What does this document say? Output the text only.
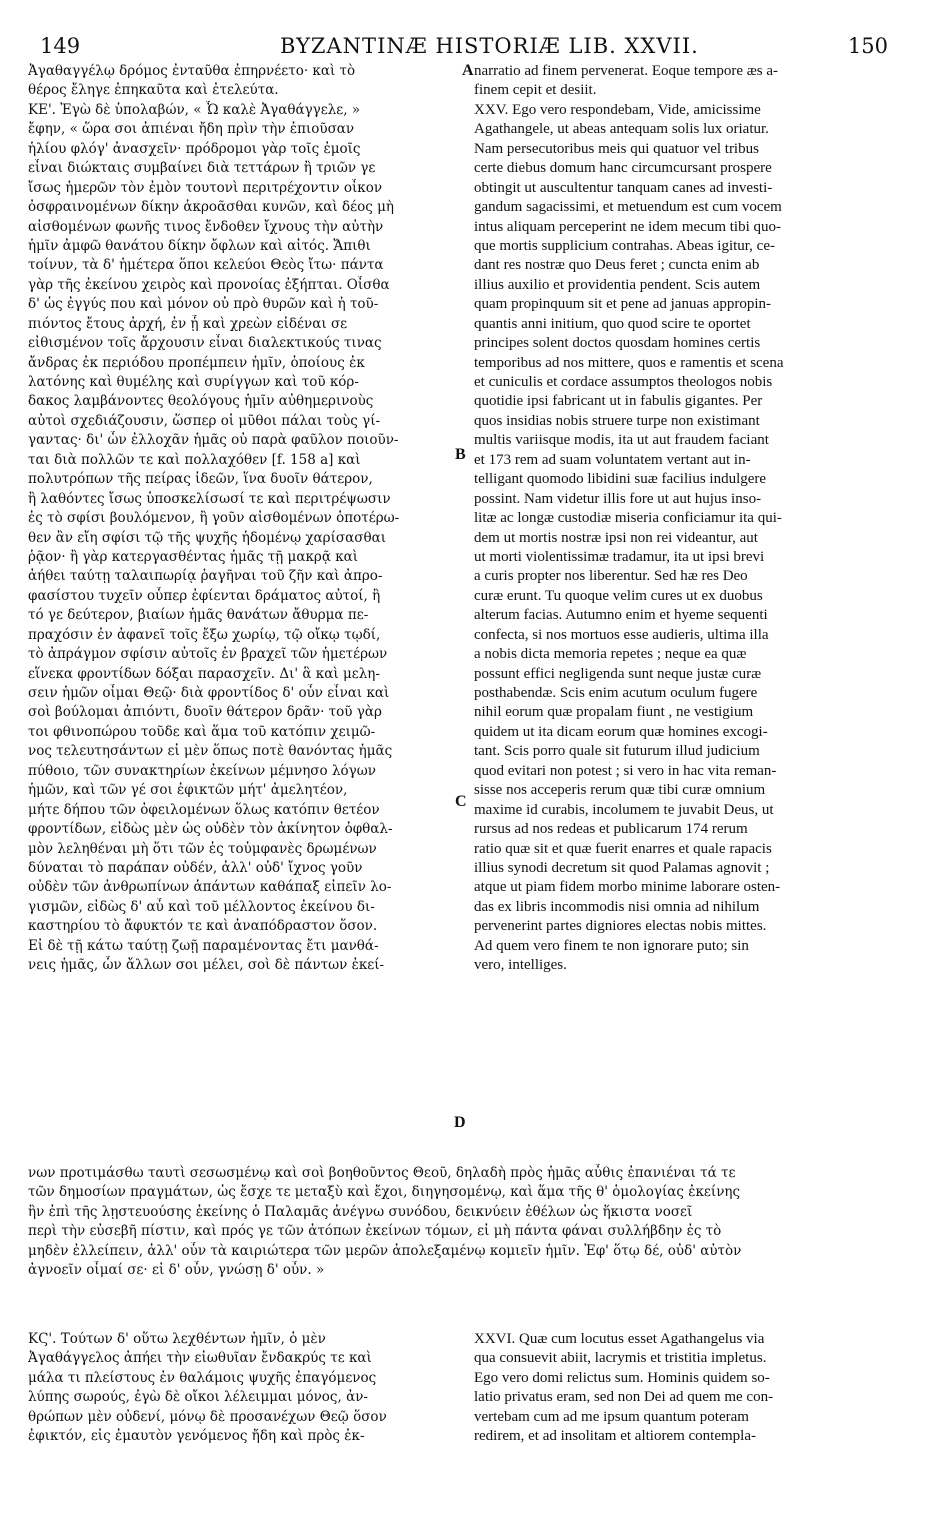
149	BYZANTINÆ HISTORIÆ LIB. XXVII.	150
A
B
C
D
Ἀγαθαγγέλῳ δρόμος ἐνταῦθα ἐπηρνέετο· καὶ τὸ
θέρος ἔληγε ἐπηκαῦτα καὶ ἐτελεύτα.
ΚΕ'. Ἐγὼ δὲ ὑπολαβών, « Ὦ καλὲ Ἀγαθάγγελε, »
ἔφην, « ὥρα σοι ἀπιέναι ἤδη πρὶν τὴν ἐπιοῦσαν
ἡλίου φλόγ' ἀνασχεῖν· πρόδρομοι γὰρ τοῖς ἐμοῖς
εἶναι διώκταις συμβαίνει διὰ τεττάρων ἢ τριῶν γε
ἴσως ἡμερῶν τὸν ἐμὸν τουτονὶ περιτρέχοντιν οἶκον
ὀσφραινομένων δίκην ἀκροᾶσθαι κυνῶν, καὶ δέος μὴ
αἰσθομένων φωνῆς τινος ἔνδοθεν ἴχνους τὴν αὐτὴν
ἡμῖν ἀμφῶ θανάτου δίκην ὄφλων καὶ αἰτός. Ἄπιθι
τοίνυν, τὰ δ' ἡμέτερα ὅποι κελεύοι Θεὸς ἴτω· πάντα
γὰρ τῆς ἐκείνου χειρὸς καὶ προνοίας ἐξήπται. Οἶσθα
δ' ὡς ἐγγύς που καὶ μόνον οὐ πρὸ θυρῶν καὶ ἡ τοῦ-
πιόντος ἔτους ἀρχή, ἐν ᾗ καὶ χρεὼν εἰδέναι σε
εἰθισμένον τοῖς ἄρχουσιν εἶναι διαλεκτικούς τινας
ἄνδρας ἐκ περιόδου προπέμπειν ἡμῖν, ὁποίους ἐκ
λατόνης καὶ θυμέλης καὶ συρίγγων καὶ τοῦ κόρ-
δακος λαμβάνοντες θεολόγους ἡμῖν αὐθημερινοὺς
αὐτοὶ σχεδιάζουσιν, ὥσπερ οἱ μῦθοι πάλαι τοὺς γί-
γαντας· δι' ὧν ἐλλοχᾶν ἡμᾶς οὐ παρὰ φαῦλον ποιοῦν-
ται διὰ πολλῶν τε καὶ πολλαχόθεν [f. 158 a] καὶ
πολυτρόπων τῆς πείρας ἰδεῶν, ἵνα δυοῖν θάτερον,
ἢ λαθόντες ἴσως ὑποσκελίσωσί τε καὶ περιτρέψωσιν
ἐς τὸ σφίσι βουλόμενον, ἢ γοῦν αἰσθομένων ὁποτέρω-
θεν ἂν εἴη σφίσι τῷ τῆς ψυχῆς ἡδομένῳ χαρίσασθαι
ῥᾷον· ἢ γὰρ κατεργασθέντας ἡμᾶς τῇ μακρᾷ καὶ
ἀήθει ταύτῃ ταλαιπωρίᾳ ῥαγῆναι τοῦ ζῆν καὶ ἀπρο-
φασίστου τυχεῖν οὗπερ ἐφίενται δράματος αὐτοί, ἢ
τό γε δεύτερον, βιαίων ἡμᾶς θανάτων ἄθυρμα πε-
πραχόσιν ἐν ἀφανεῖ τοῖς ἔξω χωρίῳ, τῷ οἴκῳ τῳδί,
τὸ ἀπράγμον σφίσιν αὐτοῖς ἐν βραχεῖ τῶν ἡμετέρων
εἵνεκα φροντίδων δόξαι παρασχεῖν. Δι' ἃ καὶ μελη-
σειν ἡμῶν οἶμαι Θεῷ· διὰ φροντίδος δ' οὖν εἶναι καὶ
σοὶ βούλομαι ἀπιόντι, δυοῖν θάτερον δρᾶν· τοῦ γὰρ
τοι φθινοπώρου τοῦδε καὶ ἅμα τοῦ κατόπιν χειμῶ-
νος τελευτησάντων εἰ μὲν ὅπως ποτὲ θανόντας ἡμᾶς
πύθοιο, τῶν συνακτηρίων ἐκείνων μέμνησο λόγων
ἡμῶν, καὶ τῶν γέ σοι ἐφικτῶν μήτ' ἀμελητέον,
μήτε δήπου τῶν ὀφειλομένων ὅλως κατόπιν θετέον
φροντίδων, εἰδὼς μὲν ὡς οὐδὲν τὸν ἀκίνητον ὀφθαλ-
μὸν λεληθέναι μὴ ὅτι τῶν ἐς τοὐμφανὲς δρωμένων
δύναται τὸ παράπαν οὐδέν, ἀλλ' οὐδ' ἴχνος γοῦν
οὐδὲν τῶν ἀνθρωπίνων ἁπάντων καθάπαξ εἰπεῖν λο-
γισμῶν, εἰδὼς δ' αὖ καὶ τοῦ μέλλοντος ἐκείνου δι-
καστηρίου τὸ ἄφυκτόν τε καὶ ἀναπόδραστον ὅσον.
Εἰ δὲ τῇ κάτω ταύτῃ ζωῇ παραμένοντας ἔτι μανθά-
νεις ἡμᾶς, ὧν ἄλλων σοι μέλει, σοὶ δὲ πάντων ἐκεί-
narratio ad finem pervenerat. Eoque tempore æs a-
finem cepit et desiit.
XXV. Ego vero respondebam, Vide, amicissime
Agathangele, ut abeas antequam solis lux oriatur.
Nam persecutoribus meis qui quatuor vel tribus
certe diebus domum hanc circumcursant prospere
obtingit ut auscultentur tanquam canes ad investi-
gandum sagacissimi, et metuendum est cum vocem
intus aliquam perceperint ne idem mecum tibi quo-
que mortis supplicium contrahas. Abeas igitur, ce-
dant res nostræ quo Deus feret ; cuncta enim ab
illius auxilio et providentia pendent. Scis autem
quam propinquum sit et pene ad januas appropin-
quantis anni initium, quo quod scire te oportet
principes solent doctos quosdam homines certis
temporibus ad nos mittere, quos e ramentis et scena
et cuniculis et cordace assumptos theologos nobis
quotidie ipsi fabricant ut in fabulis gigantes. Per
quos insidias nobis struere turpe non existimant
multis variisque modis, ita ut aut fraudem faciant
et 173 rem ad suam voluntatem vertant aut in-
telligant quomodo libidini suæ facilius indulgere
possint. Nam videtur illis fore ut aut hujus inso-
litæ ac longæ custodiæ miseria conficiamur ita qui-
dem ut mortis nostræ ipsi non rei videantur, aut
ut morti violentissimæ tradamur, ita ut ipsi brevi
a curis propter nos liberentur. Sed hæ res Deo
curæ erunt. Tu quoque velim cures ut ex duobus
alterum facias. Autumno enim et hyeme sequenti
confecta, si nos mortuos esse audieris, ultima illa
a nobis dicta memoria repetes ; neque ea quæ
possunt effici negligenda sunt neque justæ curæ
posthabendæ. Scis enim acutum oculum fugere
nihil eorum quæ propalam fiunt , ne vestigium
quidem ut ita dicam eorum quæ homines excogi-
tant. Scis porro quale sit futurum illud judicium
quod evitari non potest ; si vero in hac vita reman-
sisse nos acceperis rerum quæ tibi curæ omnium
maxime id curabis, incolumem te juvabit Deus, ut
rursus ad nos redeas et publicarum 174 rerum
ratio quæ sit et quæ fuerit enarres et quale rapacis
illius synodi decretum sit quod Palamas agnovit ;
atque ut piam fidem morbo minime laborare osten-
das ex libris incommodis nisi omnia ad nihilum
pervenerint partes digniores electas nobis mittes.
Ad quem vero finem te non ignorare puto; sin
vero, intelliges.
νων προτιμάσθω ταυτὶ σεσωσμένῳ καὶ σοὶ βοηθοῦντος Θεοῦ, δηλαδὴ πρὸς ἡμᾶς αὖθις ἐπανιέναι τά τε
τῶν δημοσίων πραγμάτων, ὡς ἔσχε τε μεταξὺ καὶ ἔχοι, διηγησομένῳ, καὶ ἅμα τῆς θ' ὁμολογίας ἐκείνης
ἣν ἐπὶ τῆς λῃστευούσης ἐκείνης ὁ Παλαμᾶς ἀνέγνω συνόδου, δεικνύειν ἐθέλων ὡς ἥκιστα νοσεῖ
περὶ τὴν εὐσεβῆ πίστιν, καὶ πρός γε τῶν ἀτόπων ἐκείνων τόμων, εἰ μὴ πάντα φάναι συλλήβδην ἐς τὸ
μηδὲν ἐλλείπειν, ἀλλ' οὖν τὰ καιριώτερα τῶν μερῶν ἀπολεξαμένῳ κομιεῖν ἡμῖν. Ἐφ' ὅτῳ δέ, οὐδ' αὐτὸν
ἀγνοεῖν οἶμαί σε· εἰ δ' οὖν, γνώσῃ δ' οὖν. »
ΚϚ'. Τούτων δ' οὕτω λεχθέντων ἡμῖν, ὁ μὲν
Ἀγαθάγγελος ἀπήει τὴν εἰωθυῖαν ἔνδακρύς τε καὶ
μάλα τι πλείστους ἐν θαλάμοις ψυχῆς ἐπαγόμενος
λύπης σωρούς, ἐγὼ δὲ οἴκοι λέλειμμαι μόνος, ἀν-
θρώπων μὲν οὐδενί, μόνῳ δὲ προσανέχων Θεῷ ὅσον
ἐφικτόν, εἰς ἐμαυτὸν γενόμενος ἤδη καὶ πρὸς ἐκ-
XXVI. Quæ cum locutus esset Agathangelus via
qua consuevit abiit, lacrymis et tristitia impletus.
Ego vero domi relictus sum. Hominis quidem so-
latio privatus eram, sed non Dei ad quem me con-
vertebam cum ad me ipsum quantum poteram
redirem, et ad insolitam et altiorem contempla-
